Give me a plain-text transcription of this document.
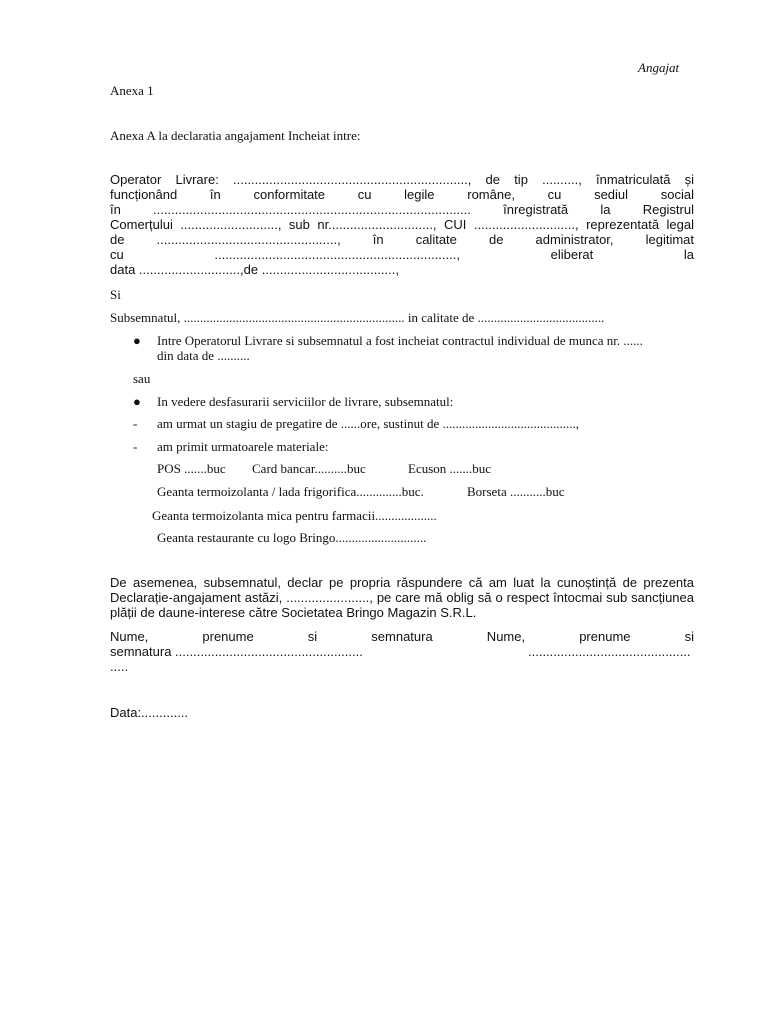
Angajat
Anexa 1
Anexa A la declaratia angajament Incheiat intre:
Operator Livrare: ................................................................., de tip .........., înmatriculată și
funcționând în conformitate cu legile române, cu sediul social
în ........................................................................................ înregistrată la Registrul
Comerțului ..........................., sub nr............................., CUI ............................, reprezentată legal
de .................................................., în calitate de administrator, legitimat
cu ..................................................................., eliberat la
data ............................,de .....................................,
Si
Subsemnatul, .................................................................... in calitate de .......................................
● Intre Operatorul Livrare si subsemnatul a fost incheiat contractul individual de munca nr. ......
din data de ..........
sau
● In vedere desfasurarii serviciilor de livrare, subsemnatul:
- am urmat un stagiu de pregatire de ......ore, sustinut de .........................................,
- am primit urmatoarele materiale:
POS .......buc Card bancar..........buc	Ecuson .......buc
Geanta termoizolanta / lada frigorifica..............buc.	Borseta ...........buc
Geanta termoizolanta mica pentru farmacii...................
Geanta restaurante cu logo Bringo............................
De asemenea, subsemnatul, declar pe propria răspundere că am luat la cunoștință de prezenta
Declarație-angajament astăzi, ......................., pe care mă oblig să o respect întocmai sub sancțiunea
plății de daune-interese către Societatea Bringo Magazin S.R.L.
Nume, prenume si semnatura Nume, prenume si
semnatura ....................................................	.............................................
.....
Data:.............
